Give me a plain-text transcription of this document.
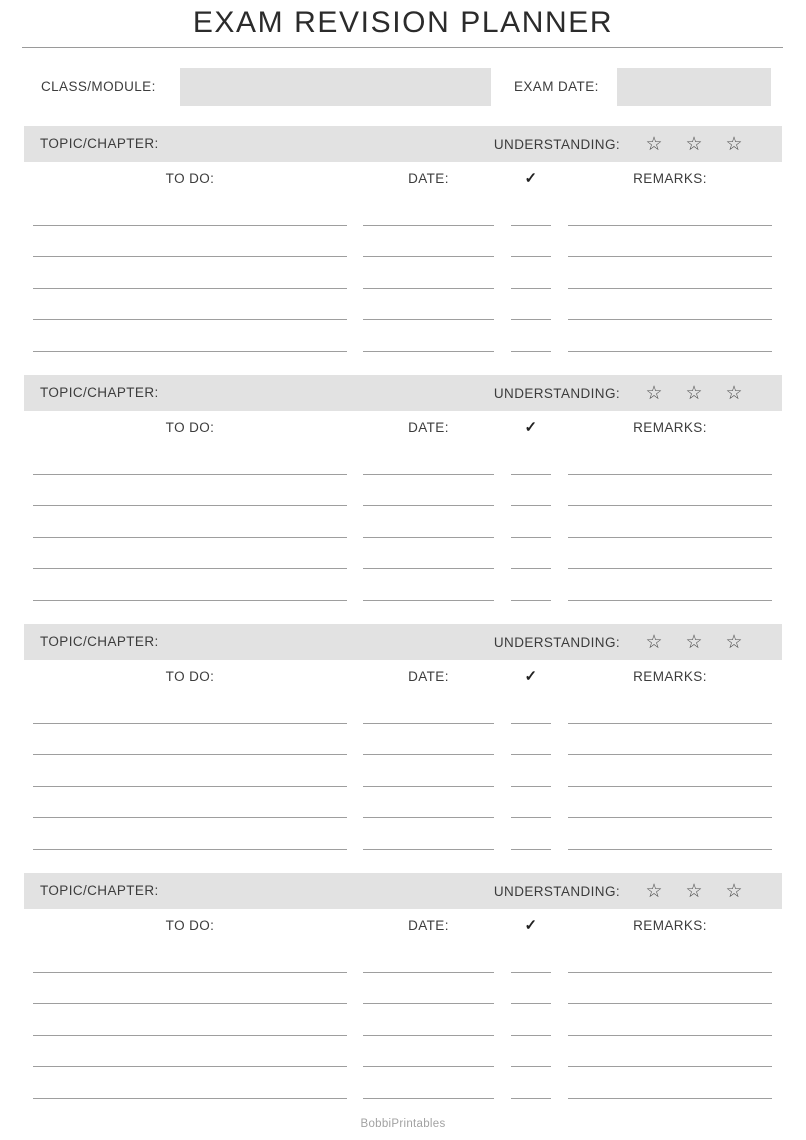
EXAM REVISION PLANNER
CLASS/MODULE:	EXAM DATE:
TOPIC/CHAPTER:	UNDERSTANDING:	☆	☆	☆
TO DO:	DATE:	✓	REMARKS:
TOPIC/CHAPTER:	UNDERSTANDING:	☆	☆	☆
TO DO:	DATE:	✓	REMARKS:
TOPIC/CHAPTER:	UNDERSTANDING:	☆	☆	☆
TO DO:	DATE:	✓	REMARKS:
TOPIC/CHAPTER:	UNDERSTANDING:	☆	☆	☆
TO DO:	DATE:	✓	REMARKS:
BobbiPrintables
